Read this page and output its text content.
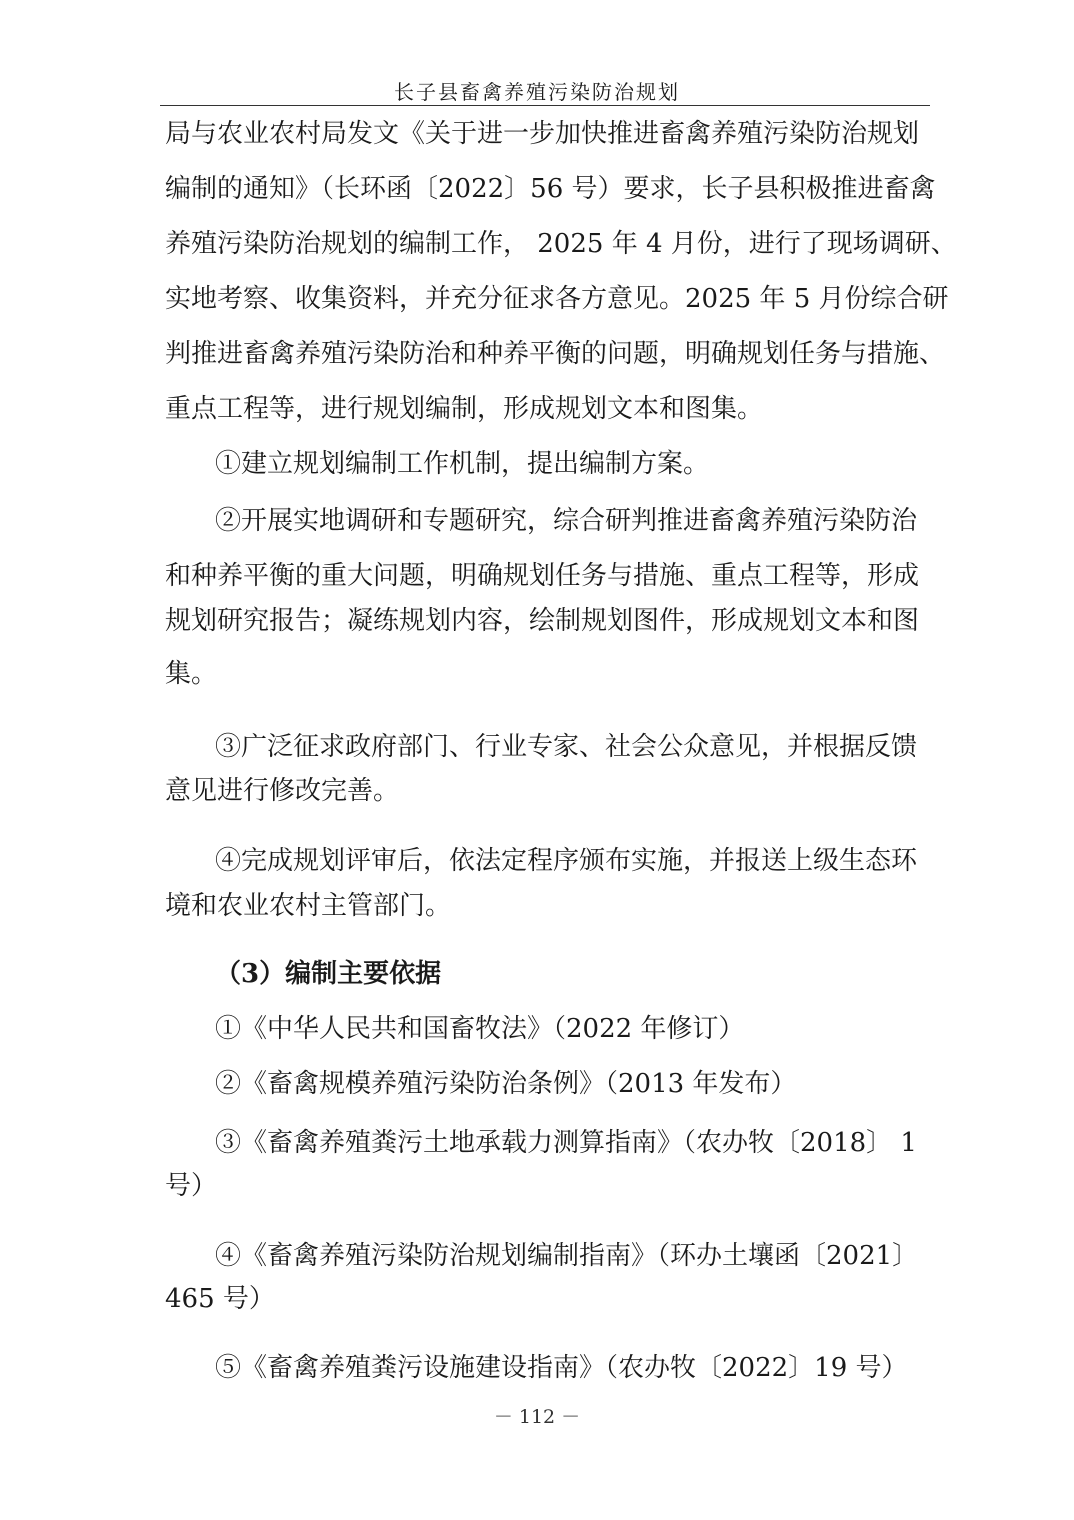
长子县畜禽养殖污染防治规划
局与农业农村局发文《关于进一步加快推进畜禽养殖污染防治规划
编制的通知》（长环函〔2022〕56 号）要求，长子县积极推进畜禽
养殖污染防治规划的编制工作， 2025 年 4 月份，进行了现场调研、
实地考察、收集资料，并充分征求各方意见。2025 年 5 月份综合研
判推进畜禽养殖污染防治和种养平衡的问题，明确规划任务与措施、
重点工程等，进行规划编制，形成规划文本和图集。
①建立规划编制工作机制，提出编制方案。
②开展实地调研和专题研究，综合研判推进畜禽养殖污染防治
和种养平衡的重大问题，明确规划任务与措施、重点工程等，形成
规划研究报告；凝练规划内容，绘制规划图件，形成规划文本和图
集。
③广泛征求政府部门、行业专家、社会公众意见，并根据反馈
意见进行修改完善。
④完成规划评审后，依法定程序颁布实施，并报送上级生态环
境和农业农村主管部门。
（3）编制主要依据
①《中华人民共和国畜牧法》（2022 年修订）
②《畜禽规模养殖污染防治条例》（2013 年发布）
③《畜禽养殖粪污土地承载力测算指南》（农办牧〔2018〕 1
号）
④《畜禽养殖污染防治规划编制指南》（环办土壤函〔2021〕
465 号）
⑤《畜禽养殖粪污设施建设指南》（农办牧〔2022〕19 号）
－ 112 －
